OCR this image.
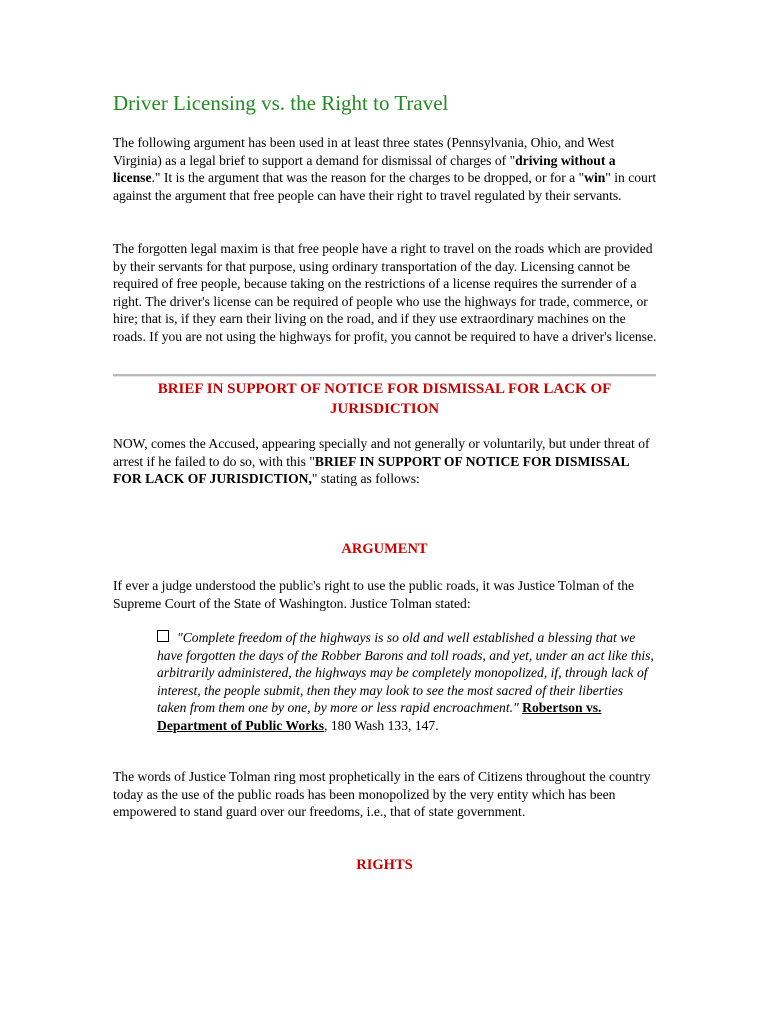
Driver Licensing vs. the Right to Travel

The following argument has been used in at least three states (Pennsylvania, Ohio, and West Virginia) as a legal brief to support a demand for dismissal of charges of "driving without a license." It is the argument that was the reason for the charges to be dropped, or for a "win" in court against the argument that free people can have their right to travel regulated by their servants.

The forgotten legal maxim is that free people have a right to travel on the roads which are provided by their servants for that purpose, using ordinary transportation of the day. Licensing cannot be required of free people, because taking on the restrictions of a license requires the surrender of a right. The driver's license can be required of people who use the highways for trade, commerce, or hire; that is, if they earn their living on the road, and if they use extraordinary machines on the roads. If you are not using the highways for profit, you cannot be required to have a driver's license.

BRIEF IN SUPPORT OF NOTICE FOR DISMISSAL FOR LACK OF JURISDICTION

NOW, comes the Accused, appearing specially and not generally or voluntarily, but under threat of arrest if he failed to do so, with this "BRIEF IN SUPPORT OF NOTICE FOR DISMISSAL FOR LACK OF JURISDICTION," stating as follows:

ARGUMENT

If ever a judge understood the public's right to use the public roads, it was Justice Tolman of the Supreme Court of the State of Washington. Justice Tolman stated:

"Complete freedom of the highways is so old and well established a blessing that we have forgotten the days of the Robber Barons and toll roads, and yet, under an act like this, arbitrarily administered, the highways may be completely monopolized, if, through lack of interest, the people submit, then they may look to see the most sacred of their liberties taken from them one by one, by more or less rapid encroachment." Robertson vs. Department of Public Works, 180 Wash 133, 147.

The words of Justice Tolman ring most prophetically in the ears of Citizens throughout the country today as the use of the public roads has been monopolized by the very entity which has been empowered to stand guard over our freedoms, i.e., that of state government.

RIGHTS
